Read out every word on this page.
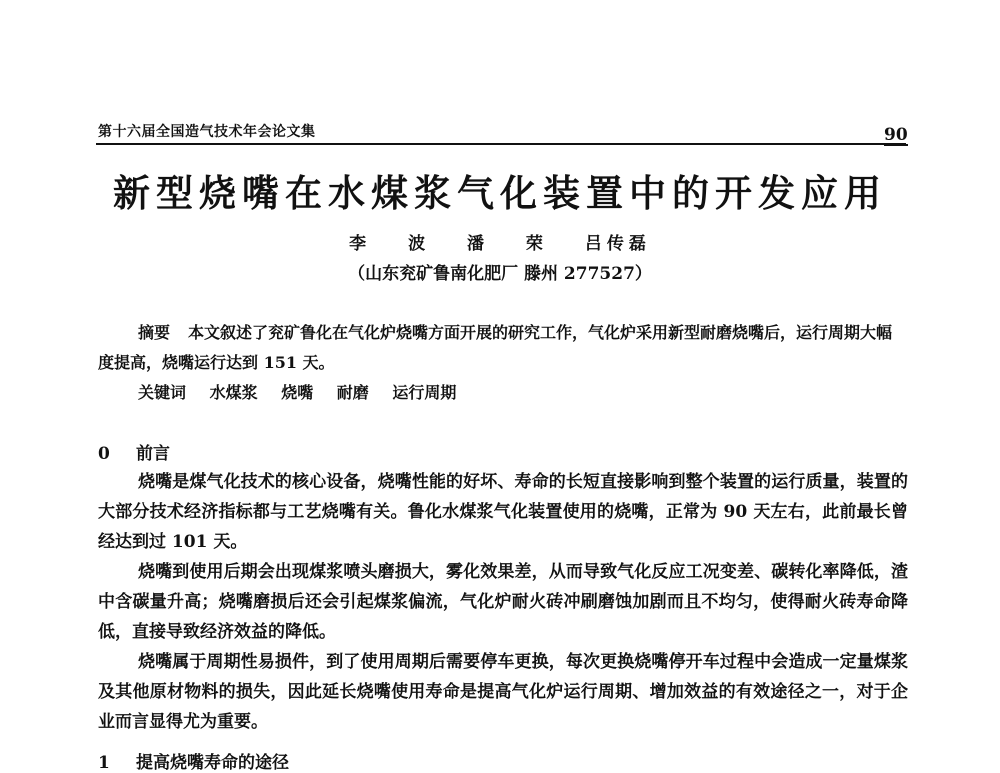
第十六届全国造气技术年会论文集	90
新型烧嘴在水煤浆气化装置中的开发应用
李 波 潘 荣 吕传磊
（山东兖矿鲁南化肥厂 滕州 277527）

摘要 本文叙述了兖矿鲁化在气化炉烧嘴方面开展的研究工作，气化炉采用新型耐磨烧嘴后，运行周期大幅度提高，烧嘴运行达到 151 天。

关键词 水煤浆 烧嘴 耐磨 运行周期

0 前言

烧嘴是煤气化技术的核心设备，烧嘴性能的好坏、寿命的长短直接影响到整个装置的运行质量，装置的大部分技术经济指标都与工艺烧嘴有关。鲁化水煤浆气化装置使用的烧嘴，正常为 90 天左右，此前最长曾经达到过 101 天。

烧嘴到使用后期会出现煤浆喷头磨损大，雾化效果差，从而导致气化反应工况变差、碳转化率降低，渣中含碳量升高；烧嘴磨损后还会引起煤浆偏流，气化炉耐火砖冲刷磨蚀加剧而且不均匀，使得耐火砖寿命降低，直接导致经济效益的降低。

烧嘴属于周期性易损件，到了使用周期后需要停车更换，每次更换烧嘴停开车过程中会造成一定量煤浆及其他原材物料的损失，因此延长烧嘴使用寿命是提高气化炉运行周期、增加效益的有效途径之一，对于企业而言显得尤为重要。

1 提高烧嘴寿命的途径
